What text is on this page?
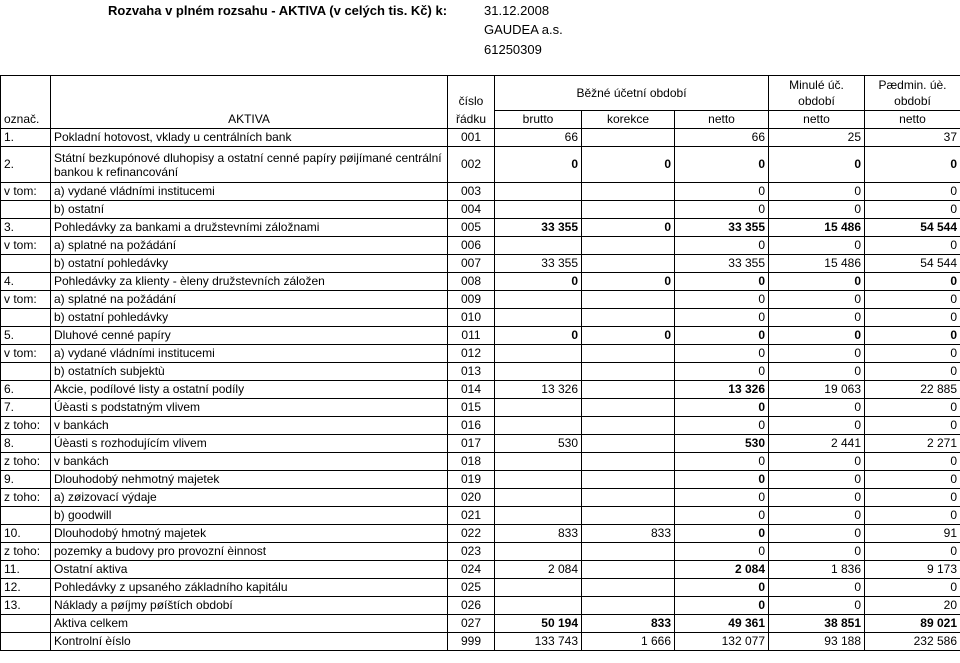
Rozvaha v plném rozsahu - AKTIVA (v celých tis. Kč) k:	31.12.2008
GAUDEA a.s.
61250309
			Běžné účetní období			Minulé úč.	Pædmin. úè.
		číslo				období	období
označ.	AKTIVA	řádku	brutto	korekce	netto	netto	netto
1.	Pokladní hotovost, vklady u centrálních bank	001	66		66	25	37
2.	Státní bezkupónové dluhopisy a ostatní cenné papíry pøijímané centrální bankou k refinancování	002	0	0	0	0	0
v tom:	a) vydané vládními institucemi	003			0	0	0
	b) ostatní	004			0	0	0
3.	Pohledávky za bankami a družstevními záložnami	005	33 355	0	33 355	15 486	54 544
v tom:	a) splatné na požádání	006			0	0	0
	b) ostatní pohledávky	007	33 355		33 355	15 486	54 544
4.	Pohledávky za klienty - èleny družstevních záložen	008	0	0	0	0	0
v tom:	a) splatné na požádání	009			0	0	0
	b) ostatní pohledávky	010			0	0	0
5.	Dluhové cenné papíry	011	0	0	0	0	0
v tom:	a) vydané vládními institucemi	012			0	0	0
	b) ostatních subjektù	013			0	0	0
6.	Akcie, podílové listy a ostatní podíly	014	13 326		13 326	19 063	22 885
7.	Úèasti s podstatným vlivem	015			0	0	0
z toho:	v bankách	016			0	0	0
8.	Úèasti s rozhodujícím vlivem	017	530		530	2 441	2 271
z toho:	v bankách	018			0	0	0
9.	Dlouhodobý nehmotný majetek	019			0	0	0
z toho:	a) zøizovací výdaje	020			0	0	0
	b) goodwill	021			0	0	0
10.	Dlouhodobý hmotný majetek	022	833	833	0	0	91
z toho:	pozemky a budovy pro provozní èinnost	023			0	0	0
11.	Ostatní aktiva	024	2 084		2 084	1 836	9 173
12.	Pohledávky z upsaného základního kapitálu	025			0	0	0
13.	Náklady a pøíjmy pøíštích období	026			0	0	20
	Aktiva celkem	027	50 194	833	49 361	38 851	89 021
	Kontrolní èíslo	999	133 743	1 666	132 077	93 188	232 586
